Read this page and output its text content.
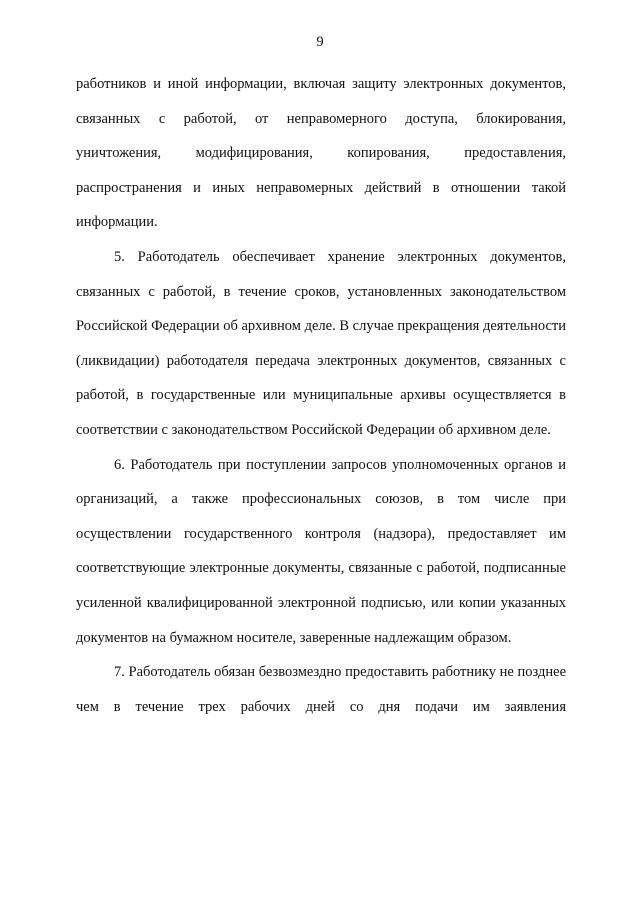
9

работников и иной информации, включая защиту электронных документов, связанных с работой, от неправомерного доступа, блокирования, уничтожения, модифицирования, копирования, предоставления, распространения и иных неправомерных действий в отношении такой информации.

5. Работодатель обеспечивает хранение электронных документов, связанных с работой, в течение сроков, установленных законодательством Российской Федерации об архивном деле. В случае прекращения деятельности (ликвидации) работодателя передача электронных документов, связанных с работой, в государственные или муниципальные архивы осуществляется в соответствии с законодательством Российской Федерации об архивном деле.

6. Работодатель при поступлении запросов уполномоченных органов и организаций, а также профессиональных союзов, в том числе при осуществлении государственного контроля (надзора), предоставляет им соответствующие электронные документы, связанные с работой, подписанные усиленной квалифицированной электронной подписью, или копии указанных документов на бумажном носителе, заверенные надлежащим образом.

7. Работодатель обязан безвозмездно предоставить работнику не позднее чем в течение трех рабочих дней со дня подачи им заявления
